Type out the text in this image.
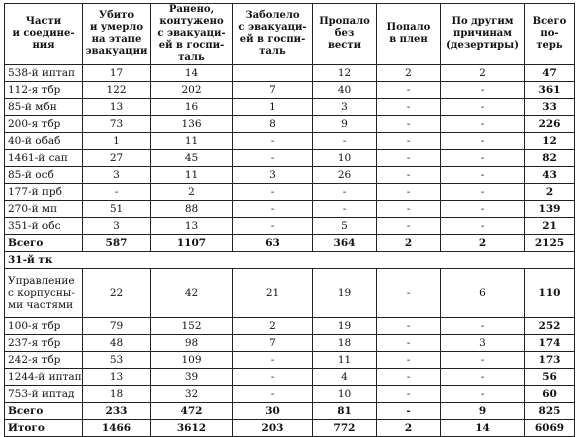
Части
и соедине-
ния	Убито
и умерло
на этапе
эвакуации	Ранено,
контужено
с эвакуаци-
ей в госпи-
таль	Заболело
с эвакуаци-
ей в госпи-
таль	Пропало
без
вести	Попало
в плен	По другим
причинам
(дезертиры)	Всего
по-
терь
538-й иптап	17	14		12	2	2	47
112-я тбр	122	202	7	40	-	-	361
85-й мбн	13	16	1	3	-	-	33
200-я тбр	73	136	8	9	-	-	226
40-й обаб	1	11	-	-	-	-	12
1461-й сап	27	45	-	10	-	-	82
85-й осб	3	11	3	26	-	-	43
177-й прб	-	2	-	-	-	-	2
270-й мп	51	88	-	-	-	-	139
351-й обс	3	13	-	5	-	-	21
Всего	587	1107	63	364	2	2	2125
31-й тк							
Управление
с корпусны-
ми частями	22	42	21	19	-	6	110
100-я тбр	79	152	2	19	-	-	252
237-я тбр	48	98	7	18	-	3	174
242-я тбр	53	109	-	11	-	-	173
1244-й иптап	13	39	-	4	-	-	56
753-й иптад	18	32	-	10	-	-	60
Всего	233	472	30	81	-	9	825
Итого	1466	3612	203	772	2	14	6069
